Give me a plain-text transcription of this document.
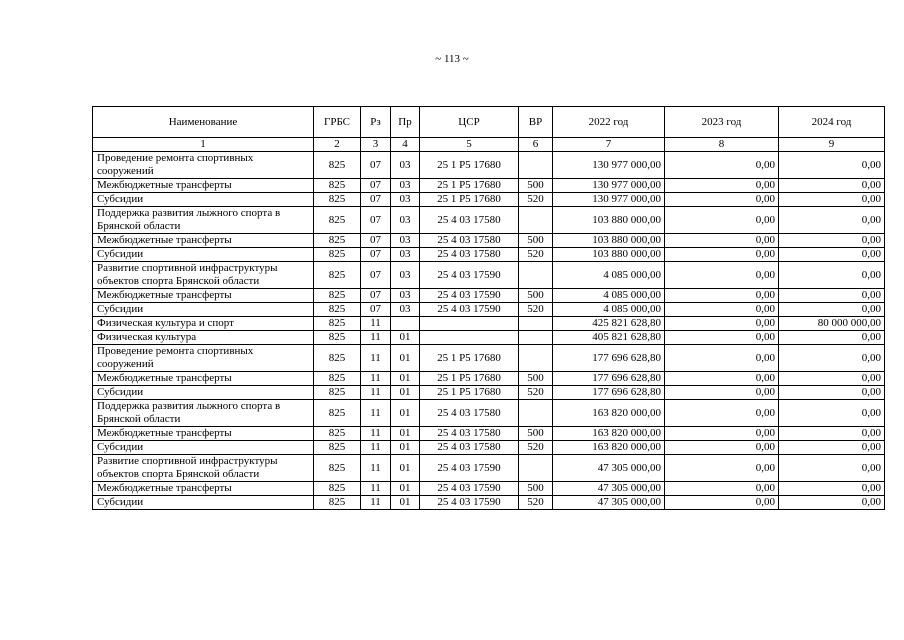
~ 113 ~
Наименование	ГРБС	Рз	Пр	ЦСР	ВР	2022 год	2023 год	2024 год
1	2	3	4	5	6	7	8	9
Проведение ремонта спортивных сооружений	825	07	03	25 1 P5 17680		130 977 000,00	0,00	0,00
Межбюджетные трансферты	825	07	03	25 1 P5 17680	500	130 977 000,00	0,00	0,00
Субсидии	825	07	03	25 1 P5 17680	520	130 977 000,00	0,00	0,00
Поддержка развития лыжного спорта в Брянской области	825	07	03	25 4 03 17580		103 880 000,00	0,00	0,00
Межбюджетные трансферты	825	07	03	25 4 03 17580	500	103 880 000,00	0,00	0,00
Субсидии	825	07	03	25 4 03 17580	520	103 880 000,00	0,00	0,00
Развитие спортивной инфраструктуры объектов спорта Брянской области	825	07	03	25 4 03 17590		4 085 000,00	0,00	0,00
Межбюджетные трансферты	825	07	03	25 4 03 17590	500	4 085 000,00	0,00	0,00
Субсидии	825	07	03	25 4 03 17590	520	4 085 000,00	0,00	0,00
Физическая культура и спорт	825	11				425 821 628,80	0,00	80 000 000,00
Физическая культура	825	11	01			405 821 628,80	0,00	0,00
Проведение ремонта спортивных сооружений	825	11	01	25 1 P5 17680		177 696 628,80	0,00	0,00
Межбюджетные трансферты	825	11	01	25 1 P5 17680	500	177 696 628,80	0,00	0,00
Субсидии	825	11	01	25 1 P5 17680	520	177 696 628,80	0,00	0,00
Поддержка развития лыжного спорта в Брянской области	825	11	01	25 4 03 17580		163 820 000,00	0,00	0,00
Межбюджетные трансферты	825	11	01	25 4 03 17580	500	163 820 000,00	0,00	0,00
Субсидии	825	11	01	25 4 03 17580	520	163 820 000,00	0,00	0,00
Развитие спортивной инфраструктуры объектов спорта Брянской области	825	11	01	25 4 03 17590		47 305 000,00	0,00	0,00
Межбюджетные трансферты	825	11	01	25 4 03 17590	500	47 305 000,00	0,00	0,00
Субсидии	825	11	01	25 4 03 17590	520	47 305 000,00	0,00	0,00
